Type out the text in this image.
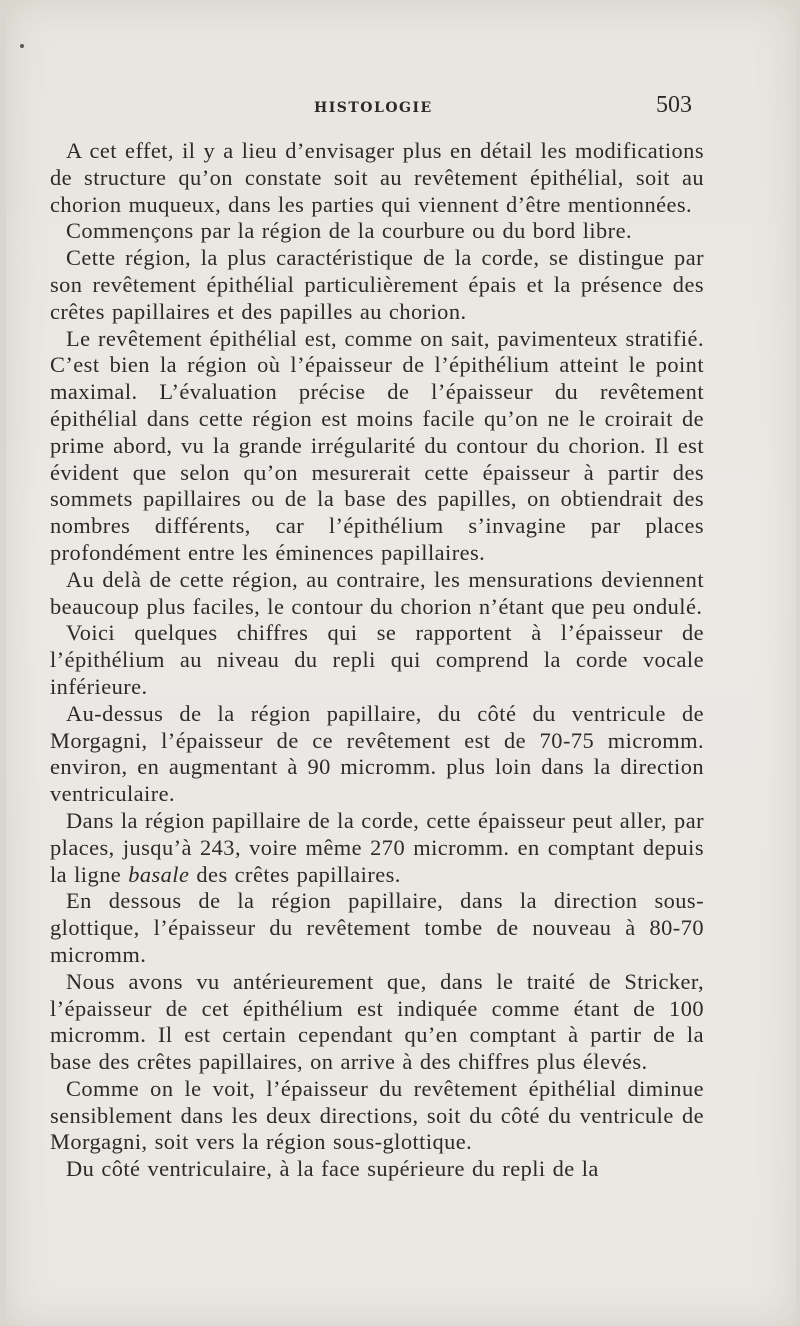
HISTOLOGIE	503

A cet effet, il y a lieu d’envisager plus en détail les modifications de structure qu’on constate soit au revêtement épithélial, soit au chorion muqueux, dans les parties qui viennent d’être mentionnées.

Commençons par la région de la courbure ou du bord libre.

Cette région, la plus caractéristique de la corde, se distingue par son revêtement épithélial particulièrement épais et la présence des crêtes papillaires et des papilles au chorion.

Le revêtement épithélial est, comme on sait, pavimenteux stratifié. C’est bien la région où l’épaisseur de l’épithélium atteint le point maximal. L’évaluation précise de l’épaisseur du revêtement épithélial dans cette région est moins facile qu’on ne le croirait de prime abord, vu la grande irrégularité du contour du chorion. Il est évident que selon qu’on mesurerait cette épaisseur à partir des sommets papillaires ou de la base des papilles, on obtiendrait des nombres différents, car l’épithélium s’invagine par places profondément entre les éminences papillaires.

Au delà de cette région, au contraire, les mensurations deviennent beaucoup plus faciles, le contour du chorion n’étant que peu ondulé.

Voici quelques chiffres qui se rapportent à l’épaisseur de l’épithélium au niveau du repli qui comprend la corde vocale inférieure.

Au-dessus de la région papillaire, du côté du ventricule de Morgagni, l’épaisseur de ce revêtement est de 70-75 micromm. environ, en augmentant à 90 micromm. plus loin dans la direction ventriculaire.

Dans la région papillaire de la corde, cette épaisseur peut aller, par places, jusqu’à 243, voire même 270 micromm. en comptant depuis la ligne basale des crêtes papillaires.

En dessous de la région papillaire, dans la direction sous-glottique, l’épaisseur du revêtement tombe de nouveau à 80-70 micromm.

Nous avons vu antérieurement que, dans le traité de Stricker, l’épaisseur de cet épithélium est indiquée comme étant de 100 micromm. Il est certain cependant qu’en comptant à partir de la base des crêtes papillaires, on arrive à des chiffres plus élevés.

Comme on le voit, l’épaisseur du revêtement épithélial diminue sensiblement dans les deux directions, soit du côté du ventricule de Morgagni, soit vers la région sous-glottique.

Du côté ventriculaire, à la face supérieure du repli de la
